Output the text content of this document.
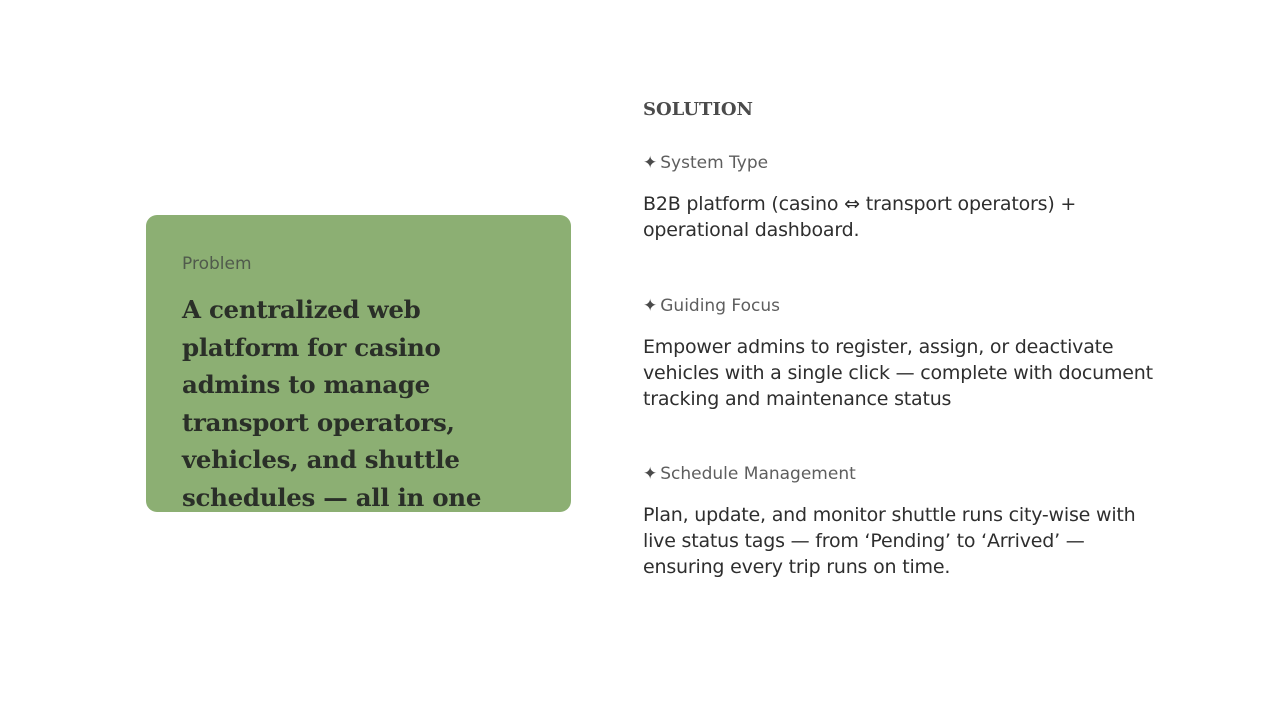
Problem

A centralized web platform for casino admins to manage transport operators, vehicles, and shuttle schedules — all in one

SOLUTION

✦ System Type

B2B platform (casino ⇔ transport operators) + operational dashboard.

✦ Guiding Focus

Empower admins to register, assign, or deactivate vehicles with a single click — complete with document tracking and maintenance status

✦ Schedule Management

Plan, update, and monitor shuttle runs city-wise with live status tags — from ‘Pending’ to ‘Arrived’ — ensuring every trip runs on time.
